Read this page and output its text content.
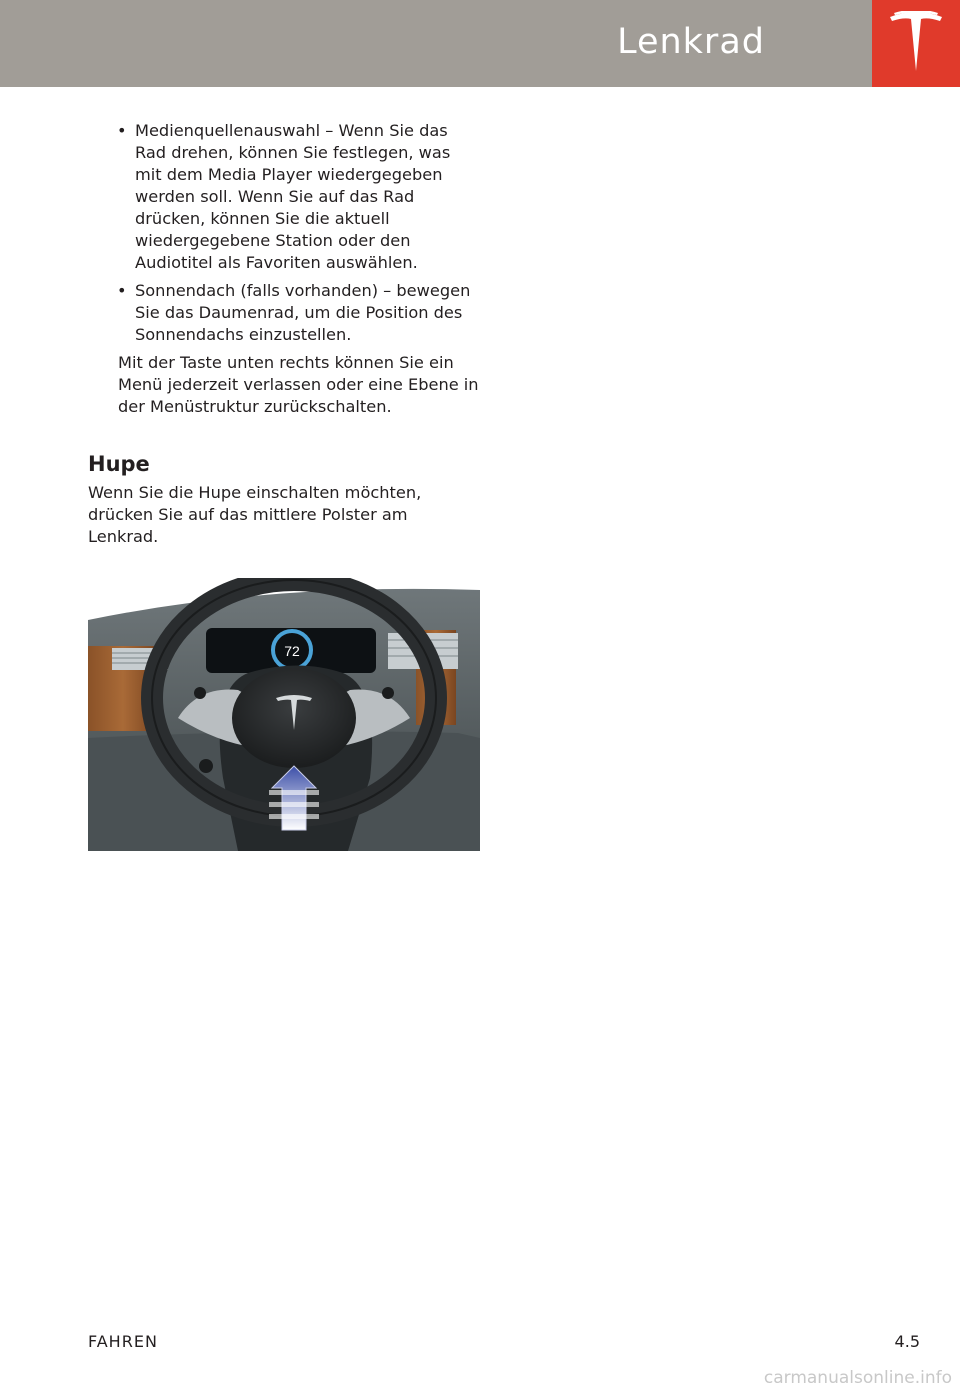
Lenkrad
• Medienquellenauswahl – Wenn Sie das Rad drehen, können Sie festlegen, was mit dem Media Player wiedergegeben werden soll. Wenn Sie auf das Rad drücken, können Sie die aktuell wiedergegebene Station oder den Audiotitel als Favoriten auswählen.
• Sonnendach (falls vorhanden) – bewegen Sie das Daumenrad, um die Position des Sonnendachs einzustellen.

Mit der Taste unten rechts können Sie ein Menü jederzeit verlassen oder eine Ebene in der Menüstruktur zurückschalten.

Hupe

Wenn Sie die Hupe einschalten möchten, drücken Sie auf das mittlere Polster am Lenkrad.

72
FAHREN	4.5
carmanualsonline.info
